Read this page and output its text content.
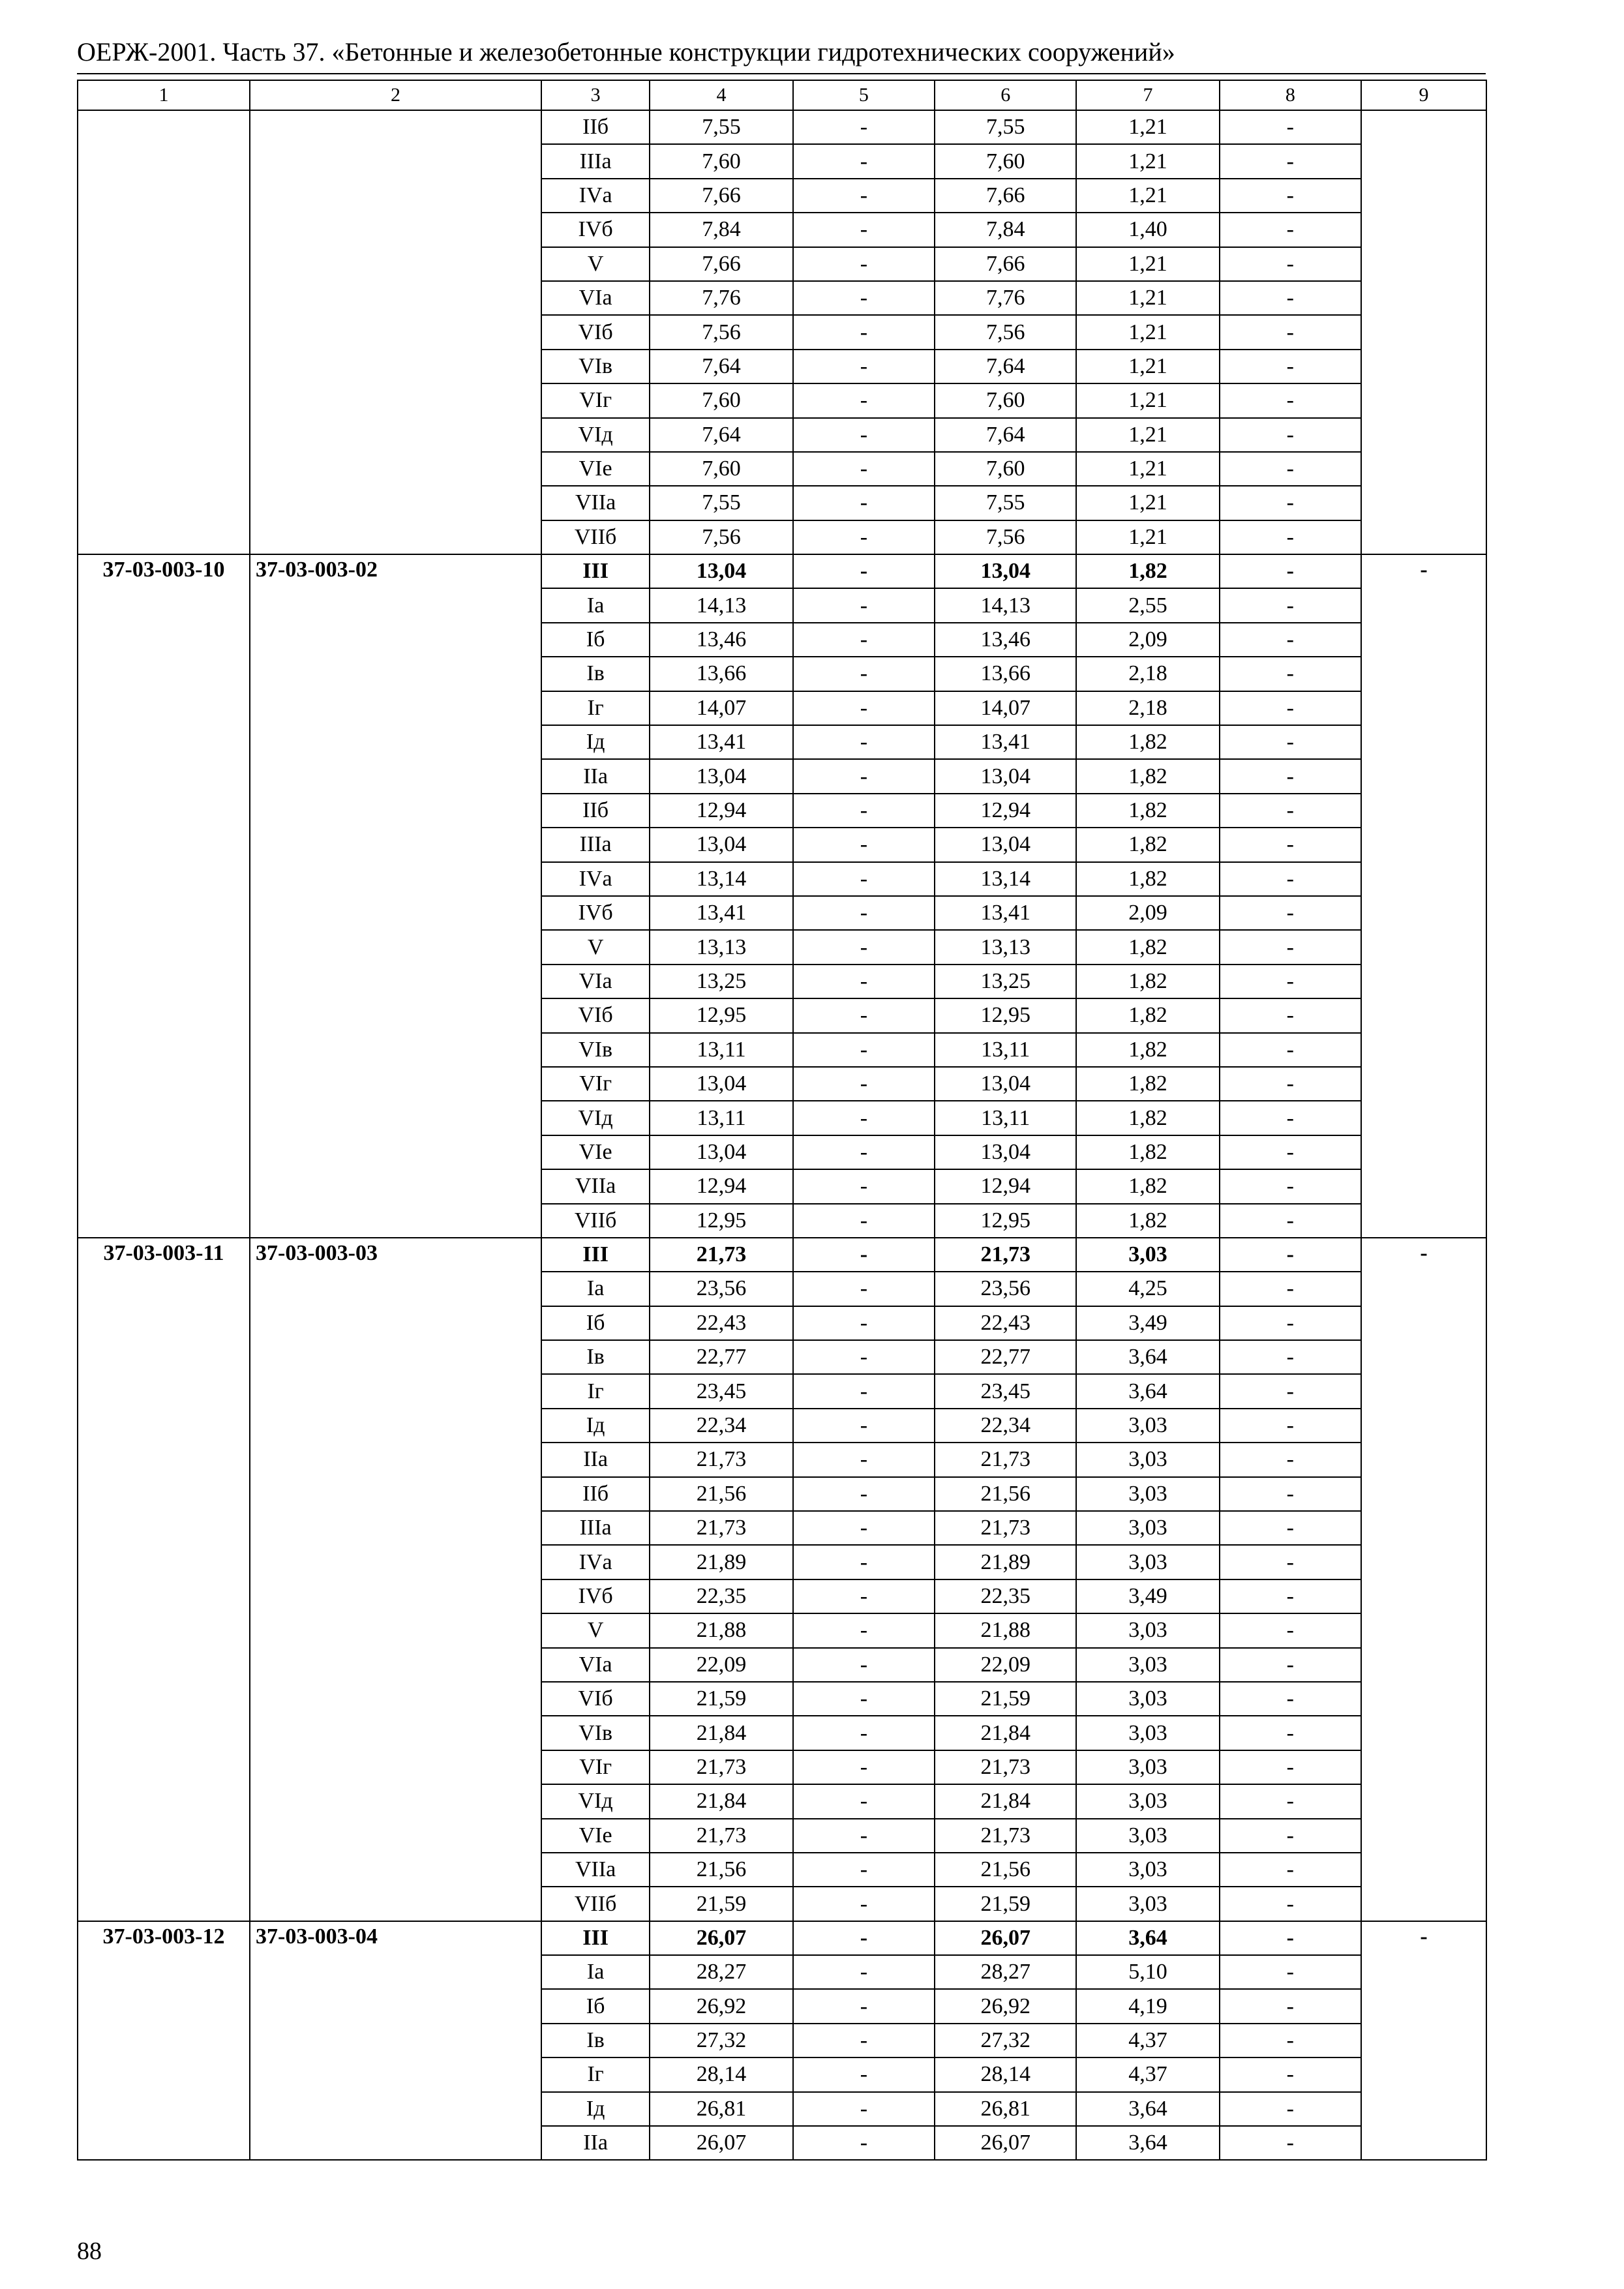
ОЕРЖ-2001. Часть 37. «Бетонные и железобетонные конструкции гидротехнических сооружений»
1	2	3	4	5	6	7	8	9
		IIб	7,55	-	7,55	1,21	-	
		IIIа	7,60	-	7,60	1,21	-	
		IVа	7,66	-	7,66	1,21	-	
		IVб	7,84	-	7,84	1,40	-	
		V	7,66	-	7,66	1,21	-	
		VIа	7,76	-	7,76	1,21	-	
		VIб	7,56	-	7,56	1,21	-	
		VIв	7,64	-	7,64	1,21	-	
		VIг	7,60	-	7,60	1,21	-	
		VIд	7,64	-	7,64	1,21	-	
		VIе	7,60	-	7,60	1,21	-	
		VIIа	7,55	-	7,55	1,21	-	
		VIIб	7,56	-	7,56	1,21	-	
37-03-003-10	37-03-003-02	III	13,04	-	13,04	1,82	-	-
		Iа	14,13	-	14,13	2,55	-	
		Iб	13,46	-	13,46	2,09	-	
		Iв	13,66	-	13,66	2,18	-	
		Iг	14,07	-	14,07	2,18	-	
		Iд	13,41	-	13,41	1,82	-	
		IIа	13,04	-	13,04	1,82	-	
		IIб	12,94	-	12,94	1,82	-	
		IIIа	13,04	-	13,04	1,82	-	
		IVа	13,14	-	13,14	1,82	-	
		IVб	13,41	-	13,41	2,09	-	
		V	13,13	-	13,13	1,82	-	
		VIа	13,25	-	13,25	1,82	-	
		VIб	12,95	-	12,95	1,82	-	
		VIв	13,11	-	13,11	1,82	-	
		VIг	13,04	-	13,04	1,82	-	
		VIд	13,11	-	13,11	1,82	-	
		VIе	13,04	-	13,04	1,82	-	
		VIIа	12,94	-	12,94	1,82	-	
		VIIб	12,95	-	12,95	1,82	-	
37-03-003-11	37-03-003-03	III	21,73	-	21,73	3,03	-	-
		Iа	23,56	-	23,56	4,25	-	
		Iб	22,43	-	22,43	3,49	-	
		Iв	22,77	-	22,77	3,64	-	
		Iг	23,45	-	23,45	3,64	-	
		Iд	22,34	-	22,34	3,03	-	
		IIа	21,73	-	21,73	3,03	-	
		IIб	21,56	-	21,56	3,03	-	
		IIIа	21,73	-	21,73	3,03	-	
		IVа	21,89	-	21,89	3,03	-	
		IVб	22,35	-	22,35	3,49	-	
		V	21,88	-	21,88	3,03	-	
		VIа	22,09	-	22,09	3,03	-	
		VIб	21,59	-	21,59	3,03	-	
		VIв	21,84	-	21,84	3,03	-	
		VIг	21,73	-	21,73	3,03	-	
		VIд	21,84	-	21,84	3,03	-	
		VIе	21,73	-	21,73	3,03	-	
		VIIа	21,56	-	21,56	3,03	-	
		VIIб	21,59	-	21,59	3,03	-	
37-03-003-12	37-03-003-04	III	26,07	-	26,07	3,64	-	-
		Iа	28,27	-	28,27	5,10	-	
		Iб	26,92	-	26,92	4,19	-	
		Iв	27,32	-	27,32	4,37	-	
		Iг	28,14	-	28,14	4,37	-	
		Iд	26,81	-	26,81	3,64	-	
		IIа	26,07	-	26,07	3,64	-	
88
